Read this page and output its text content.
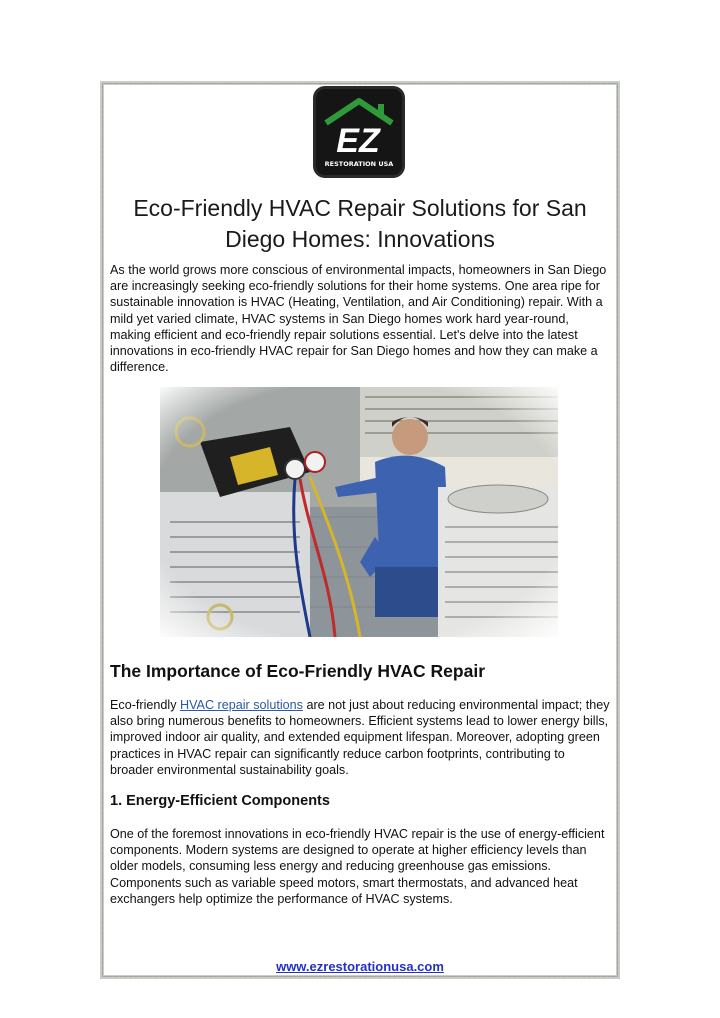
EZ
RESTORATION USA
Eco-Friendly HVAC Repair Solutions for San Diego Homes: Innovations

As the world grows more conscious of environmental impacts, homeowners in San Diego are increasingly seeking eco-friendly solutions for their home systems. One area ripe for sustainable innovation is HVAC (Heating, Ventilation, and Air Conditioning) repair. With a mild yet varied climate, HVAC systems in San Diego homes work hard year-round, making efficient and eco-friendly repair solutions essential. Let's delve into the latest innovations in eco-friendly HVAC repair for San Diego homes and how they can make a difference.

The Importance of Eco-Friendly HVAC Repair

Eco-friendly HVAC repair solutions are not just about reducing environmental impact; they also bring numerous benefits to homeowners. Efficient systems lead to lower energy bills, improved indoor air quality, and extended equipment lifespan. Moreover, adopting green practices in HVAC repair can significantly reduce carbon footprints, contributing to broader environmental sustainability goals.

1. Energy-Efficient Components

One of the foremost innovations in eco-friendly HVAC repair is the use of energy-efficient components. Modern systems are designed to operate at higher efficiency levels than older models, consuming less energy and reducing greenhouse gas emissions. Components such as variable speed motors, smart thermostats, and advanced heat exchangers help optimize the performance of HVAC systems.

www.ezrestorationusa.com
